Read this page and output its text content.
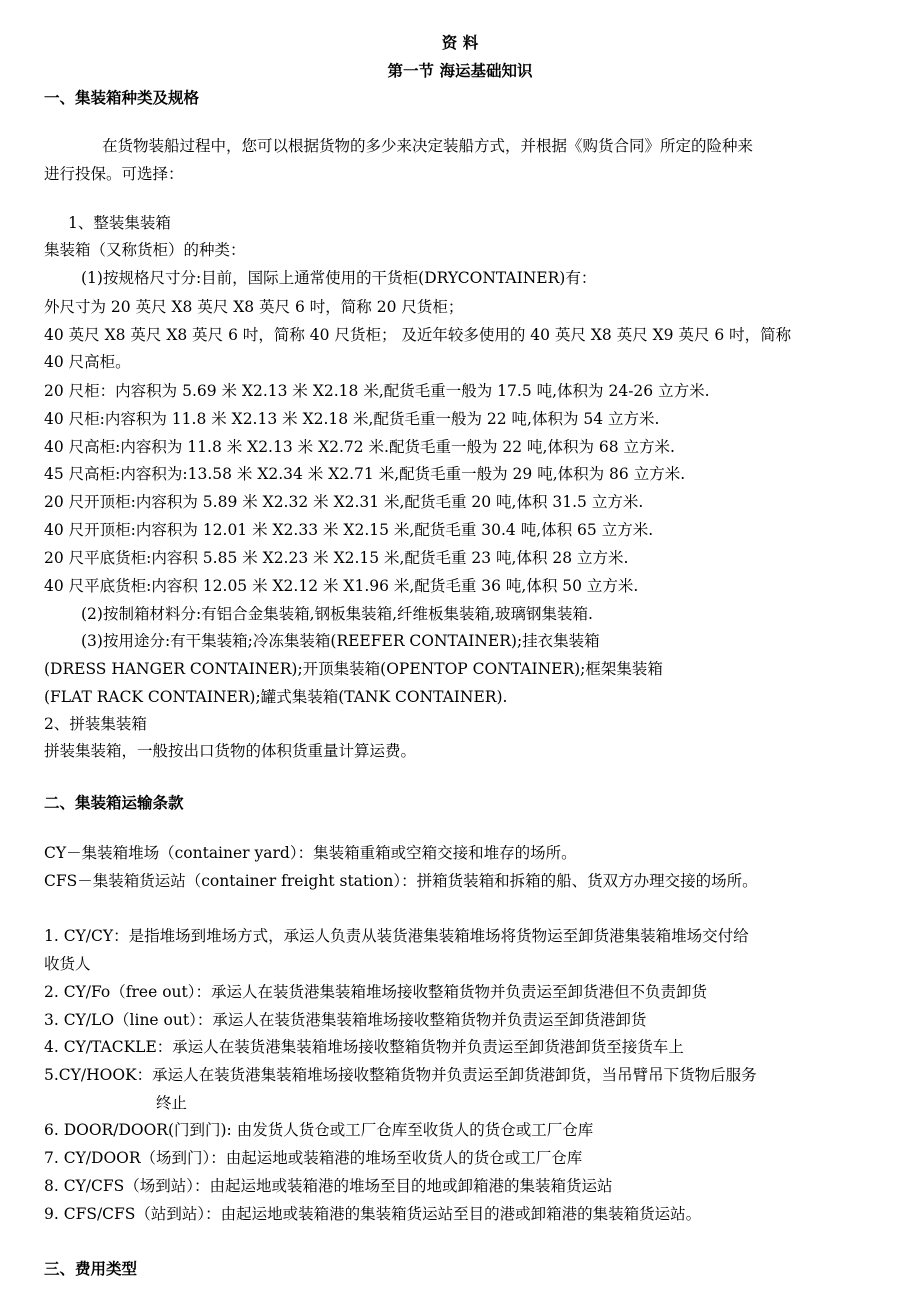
资 料
第一节 海运基础知识
一、集装箱种类及规格
在货物装船过程中，您可以根据货物的多少来决定装船方式，并根据《购货合同》所定的险种来
进行投保。可选择：
1、整装集装箱
集装箱（又称货柜）的种类：
(1)按规格尺寸分:目前，国际上通常使用的干货柜(DRYCONTAINER)有：
外尺寸为 20 英尺 X8 英尺 X8 英尺 6 吋，简称 20 尺货柜；
40 英尺 X8 英尺 X8 英尺 6 吋，简称 40 尺货柜； 及近年较多使用的 40 英尺 X8 英尺 X9 英尺 6 吋，简称
40 尺高柜。
20 尺柜：内容积为 5.69 米 X2.13 米 X2.18 米,配货毛重一般为 17.5 吨,体积为 24-26 立方米.
40 尺柜:内容积为 11.8 米 X2.13 米 X2.18 米,配货毛重一般为 22 吨,体积为 54 立方米.
40 尺高柜:内容积为 11.8 米 X2.13 米 X2.72 米.配货毛重一般为 22 吨,体积为 68 立方米.
45 尺高柜:内容积为:13.58 米 X2.34 米 X2.71 米,配货毛重一般为 29 吨,体积为 86 立方米.
20 尺开顶柜:内容积为 5.89 米 X2.32 米 X2.31 米,配货毛重 20 吨,体积 31.5 立方米.
40 尺开顶柜:内容积为 12.01 米 X2.33 米 X2.15 米,配货毛重 30.4 吨,体积 65 立方米.
20 尺平底货柜:内容积 5.85 米 X2.23 米 X2.15 米,配货毛重 23 吨,体积 28 立方米.
40 尺平底货柜:内容积 12.05 米 X2.12 米 X1.96 米,配货毛重 36 吨,体积 50 立方米.
(2)按制箱材料分:有铝合金集装箱,钢板集装箱,纤维板集装箱,玻璃钢集装箱.
(3)按用途分:有干集装箱;冷冻集装箱(REEFER CONTAINER);挂衣集装箱
(DRESS HANGER CONTAINER);开顶集装箱(OPENTOP CONTAINER);框架集装箱
(FLAT RACK CONTAINER);罐式集装箱(TANK CONTAINER).
2、拼装集装箱
拼装集装箱，一般按出口货物的体积货重量计算运费。
二、集装箱运输条款
CY－集装箱堆场（container yard）：集装箱重箱或空箱交接和堆存的场所。
CFS－集装箱货运站（container freight station）：拼箱货装箱和拆箱的船、货双方办理交接的场所。
1. CY/CY：是指堆场到堆场方式，承运人负责从装货港集装箱堆场将货物运至卸货港集装箱堆场交付给
收货人
2. CY/Fo（free out）：承运人在装货港集装箱堆场接收整箱货物并负责运至卸货港但不负责卸货
3. CY/LO（line out）：承运人在装货港集装箱堆场接收整箱货物并负责运至卸货港卸货
4. CY/TACKLE：承运人在装货港集装箱堆场接收整箱货物并负责运至卸货港卸货至接货车上
5.CY/HOOK：承运人在装货港集装箱堆场接收整箱货物并负责运至卸货港卸货，当吊臂吊下货物后服务
终止
6. DOOR/DOOR(门到门): 由发货人货仓或工厂仓库至收货人的货仓或工厂仓库
7. CY/DOOR（场到门）：由起运地或装箱港的堆场至收货人的货仓或工厂仓库
8. CY/CFS（场到站）：由起运地或装箱港的堆场至目的地或卸箱港的集装箱货运站
9. CFS/CFS（站到站）：由起运地或装箱港的集装箱货运站至目的港或卸箱港的集装箱货运站。
三、费用类型
